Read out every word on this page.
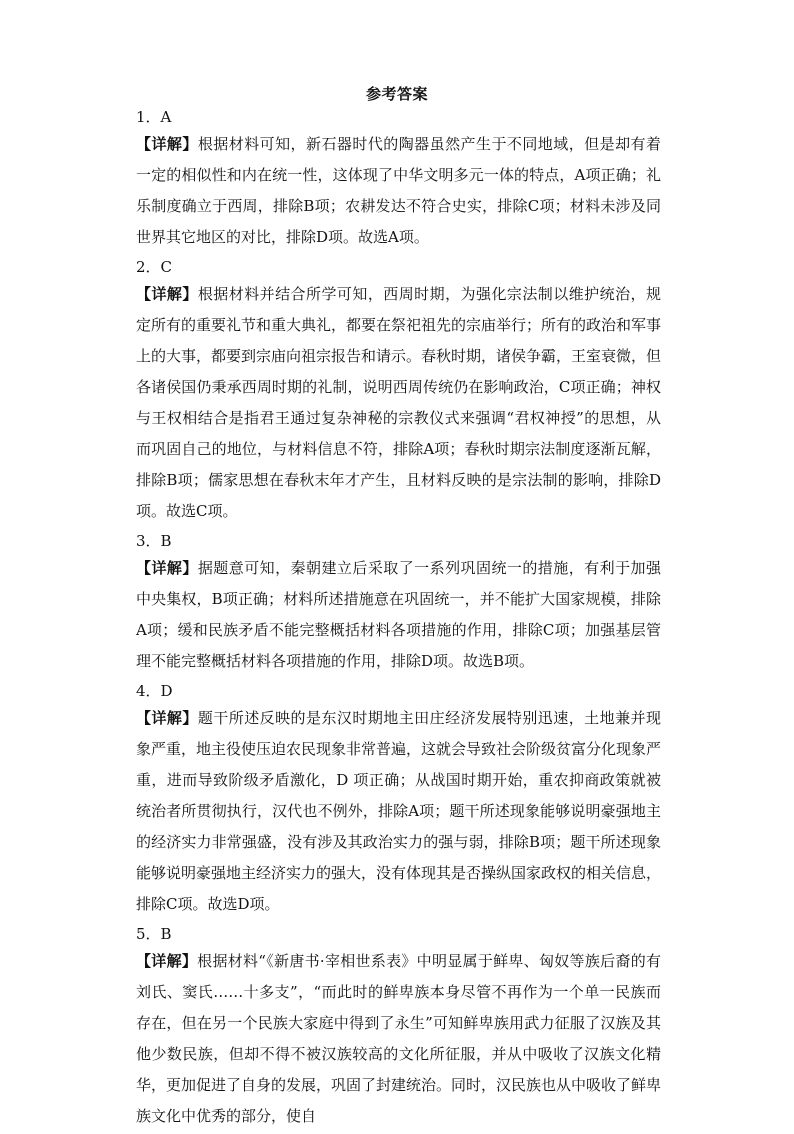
参考答案
1．A

【详解】根据材料可知，新石器时代的陶器虽然产生于不同地域，但是却有着一定的相似性和内在统一性，这体现了中华文明多元一体的特点，A项正确；礼乐制度确立于西周，排除B项；农耕发达不符合史实，排除C项；材料未涉及同世界其它地区的对比，排除D项。故选A项。

2．C

【详解】根据材料并结合所学可知，西周时期，为强化宗法制以维护统治，规定所有的重要礼节和重大典礼，都要在祭祀祖先的宗庙举行；所有的政治和军事上的大事，都要到宗庙向祖宗报告和请示。春秋时期，诸侯争霸，王室衰微，但各诸侯国仍秉承西周时期的礼制，说明西周传统仍在影响政治，C项正确；神权与王权相结合是指君王通过复杂神秘的宗教仪式来强调“君权神授”的思想，从而巩固自己的地位，与材料信息不符，排除A项；春秋时期宗法制度逐渐瓦解，排除B项；儒家思想在春秋末年才产生，且材料反映的是宗法制的影响，排除D项。故选C项。

3．B

【详解】据题意可知，秦朝建立后采取了一系列巩固统一的措施，有利于加强中央集权，B项正确；材料所述措施意在巩固统一，并不能扩大国家规模，排除A项；缓和民族矛盾不能完整概括材料各项措施的作用，排除C项；加强基层管理不能完整概括材料各项措施的作用，排除D项。故选B项。

4．D

【详解】题干所述反映的是东汉时期地主田庄经济发展特别迅速，土地兼并现象严重，地主役使压迫农民现象非常普遍，这就会导致社会阶级贫富分化现象严重，进而导致阶级矛盾激化，D 项正确；从战国时期开始，重农抑商政策就被统治者所贯彻执行，汉代也不例外，排除A项；题干所述现象能够说明豪强地主的经济实力非常强盛，没有涉及其政治实力的强与弱，排除B项；题干所述现象能够说明豪强地主经济实力的强大，没有体现其是否操纵国家政权的相关信息，排除C项。故选D项。

5．B

【详解】根据材料“《新唐书·宰相世系表》中明显属于鲜卑、匈奴等族后裔的有刘氏、窦氏……十多支”，“而此时的鲜卑族本身尽管不再作为一个单一民族而存在，但在另一个民族大家庭中得到了永生”可知鲜卑族用武力征服了汉族及其他少数民族，但却不得不被汉族较高的文化所征服，并从中吸收了汉族文化精华，更加促进了自身的发展，巩固了封建统治。同时，汉民族也从中吸收了鲜卑族文化中优秀的部分，使自
